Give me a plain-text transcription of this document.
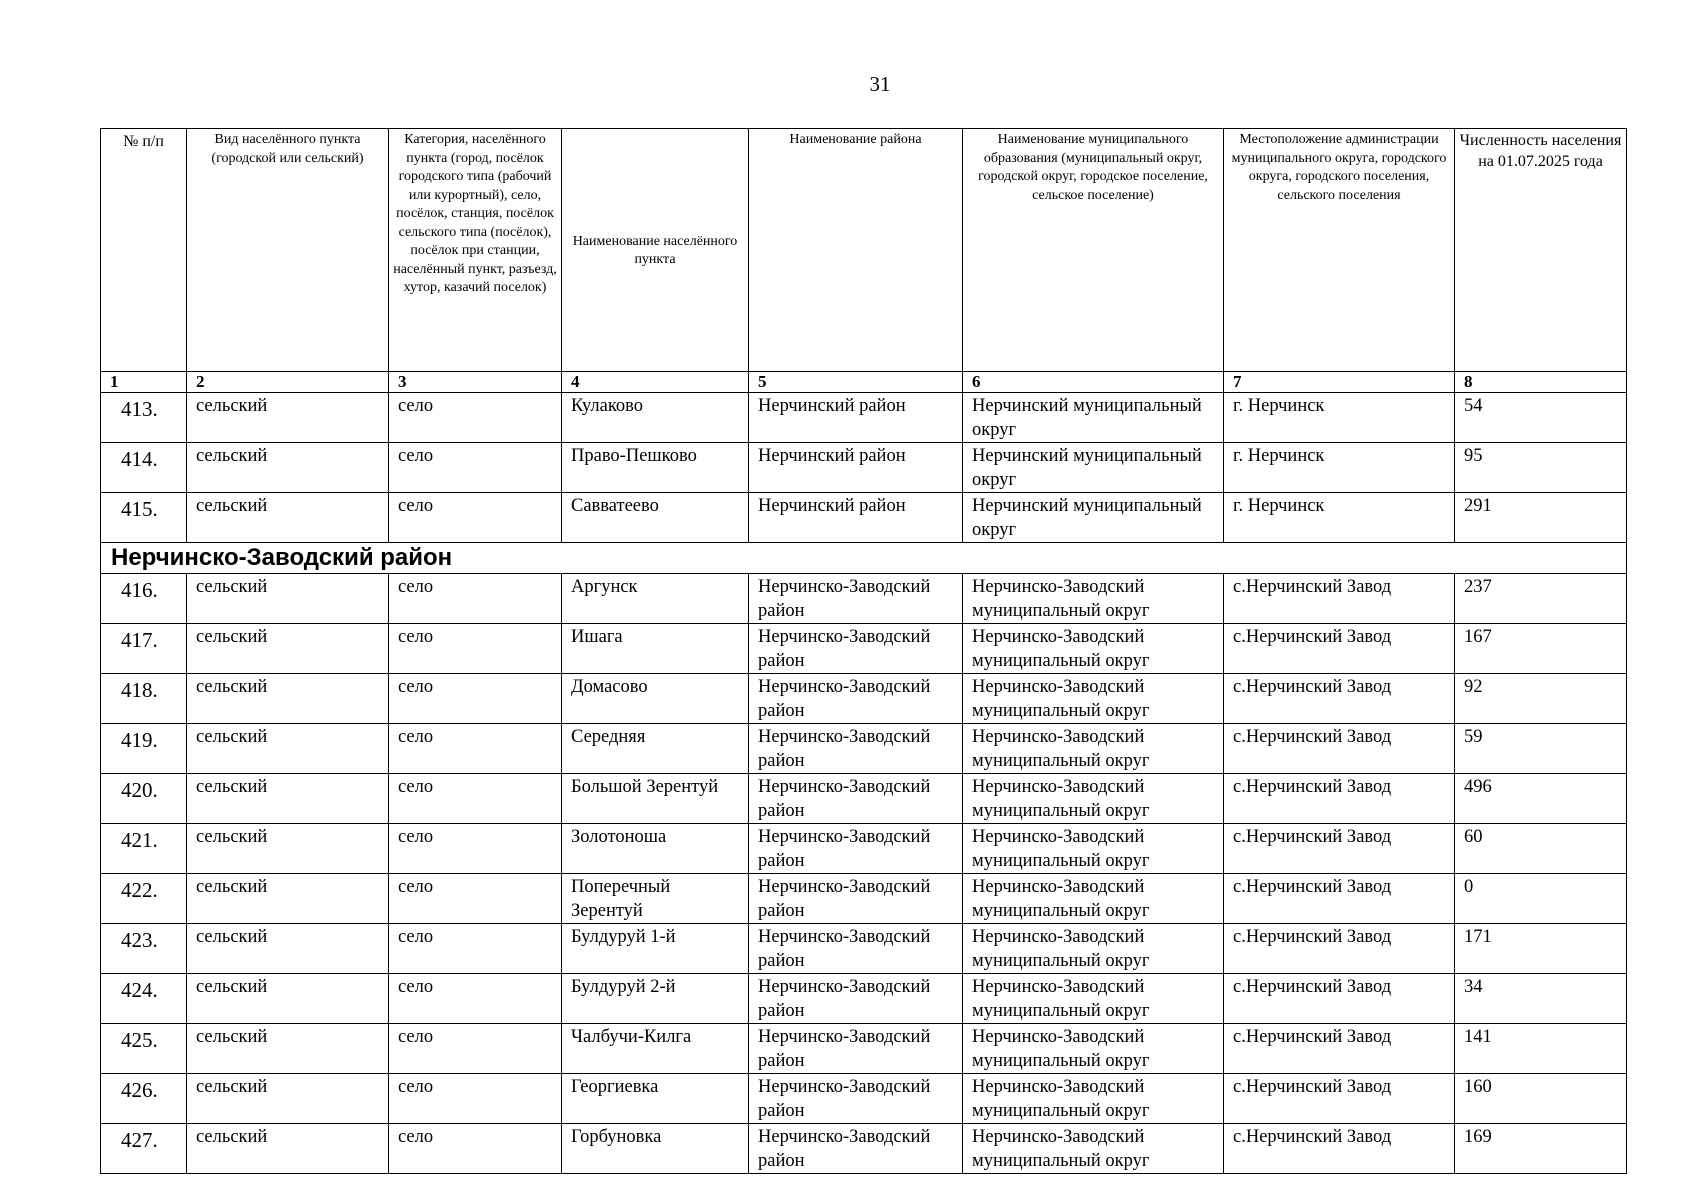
31
№ п/п	Вид населённого пункта (городской или сельский)	Категория, населённого пункта (город, посёлок городского типа (рабочий или курортный), село, посёлок, станция, посёлок сельского типа (посёлок), посёлок при станции, населённый пункт, разъезд, хутор, казачий поселок)	Наименование населённого пункта	Наименование района	Наименование муниципального образования (муниципальный округ, городской округ, городское поселение, сельское поселение)	Местоположение администрации муниципального округа, городского округа, городского поселения, сельского поселения	Численность населения на 01.07.2025 года
1	2	3	4	5	6	7	8
413.	сельский	село	Кулаково	Нерчинский район	Нерчинский муниципальный округ	г. Нерчинск	54
414.	сельский	село	Право-Пешково	Нерчинский район	Нерчинский муниципальный округ	г. Нерчинск	95
415.	сельский	село	Савватеево	Нерчинский район	Нерчинский муниципальный округ	г. Нерчинск	291
Нерчинско-Заводский район							
416.	сельский	село	Аргунск	Нерчинско-Заводский район	Нерчинско-Заводский муниципальный округ	с.Нерчинский Завод	237
417.	сельский	село	Ишага	Нерчинско-Заводский район	Нерчинско-Заводский муниципальный округ	с.Нерчинский Завод	167
418.	сельский	село	Домасово	Нерчинско-Заводский район	Нерчинско-Заводский муниципальный округ	с.Нерчинский Завод	92
419.	сельский	село	Середняя	Нерчинско-Заводский район	Нерчинско-Заводский муниципальный округ	с.Нерчинский Завод	59
420.	сельский	село	Большой Зерентуй	Нерчинско-Заводский район	Нерчинско-Заводский муниципальный округ	с.Нерчинский Завод	496
421.	сельский	село	Золотоноша	Нерчинско-Заводский район	Нерчинско-Заводский муниципальный округ	с.Нерчинский Завод	60
422.	сельский	село	Поперечный Зерентуй	Нерчинско-Заводский район	Нерчинско-Заводский муниципальный округ	с.Нерчинский Завод	0
423.	сельский	село	Булдуруй 1-й	Нерчинско-Заводский район	Нерчинско-Заводский муниципальный округ	с.Нерчинский Завод	171
424.	сельский	село	Булдуруй 2-й	Нерчинско-Заводский район	Нерчинско-Заводский муниципальный округ	с.Нерчинский Завод	34
425.	сельский	село	Чалбучи-Килга	Нерчинско-Заводский район	Нерчинско-Заводский муниципальный округ	с.Нерчинский Завод	141
426.	сельский	село	Георгиевка	Нерчинско-Заводский район	Нерчинско-Заводский муниципальный округ	с.Нерчинский Завод	160
427.	сельский	село	Горбуновка	Нерчинско-Заводский район	Нерчинско-Заводский муниципальный округ	с.Нерчинский Завод	169
